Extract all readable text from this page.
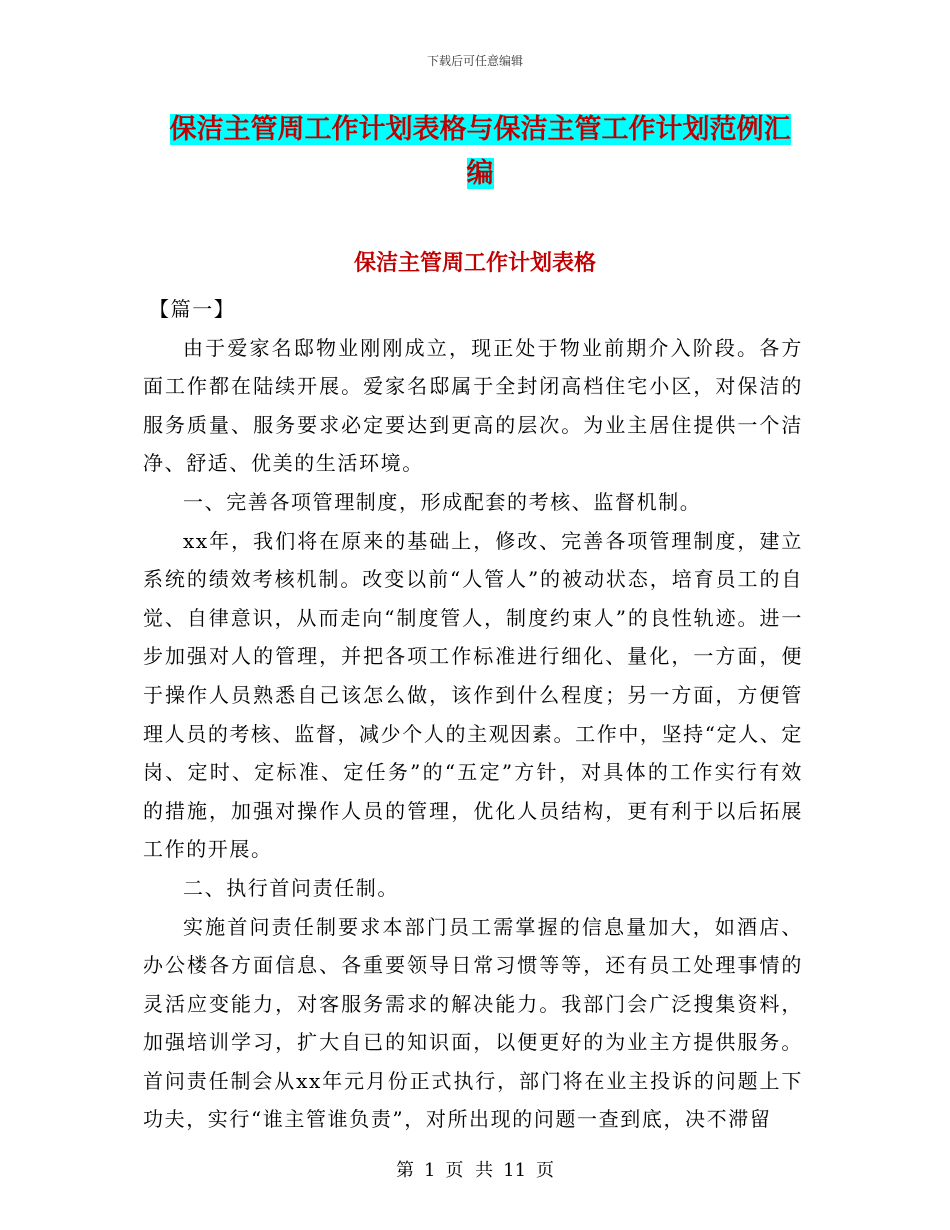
下载后可任意编辑
保洁主管周工作计划表格与保洁主管工作计划范例汇
编
保洁主管周工作计划表格

【篇一】

由于爱家名邸物业刚刚成立，现正处于物业前期介入阶段。各方面工作都在陆续开展。爱家名邸属于全封闭高档住宅小区，对保洁的服务质量、服务要求必定要达到更高的层次。为业主居住提供一个洁净、舒适、优美的生活环境。

一、完善各项管理制度，形成配套的考核、监督机制。

xx年，我们将在原来的基础上，修改、完善各项管理制度，建立系统的绩效考核机制。改变以前“人管人”的被动状态，培育员工的自觉、自律意识，从而走向“制度管人，制度约束人”的良性轨迹。进一步加强对人的管理，并把各项工作标准进行细化、量化，一方面，便于操作人员熟悉自己该怎么做，该作到什么程度；另一方面，方便管理人员的考核、监督，减少个人的主观因素。工作中，坚持“定人、定岗、定时、定标准、定任务”的“五定”方针，对具体的工作实行有效的措施，加强对操作人员的管理，优化人员结构，更有利于以后拓展工作的开展。

二、执行首问责任制。

实施首问责任制要求本部门员工需掌握的信息量加大，如酒店、办公楼各方面信息、各重要领导日常习惯等等，还有员工处理事情的灵活应变能力，对客服务需求的解决能力。我部门会广泛搜集资料，加强培训学习，扩大自已的知识面，以便更好的为业主方提供服务。首问责任制会从xx年元月份正式执行，部门将在业主投诉的问题上下功夫，实行“谁主管谁负责”，对所出现的问题一查到底，决不滞留

第 1 页 共 11 页
